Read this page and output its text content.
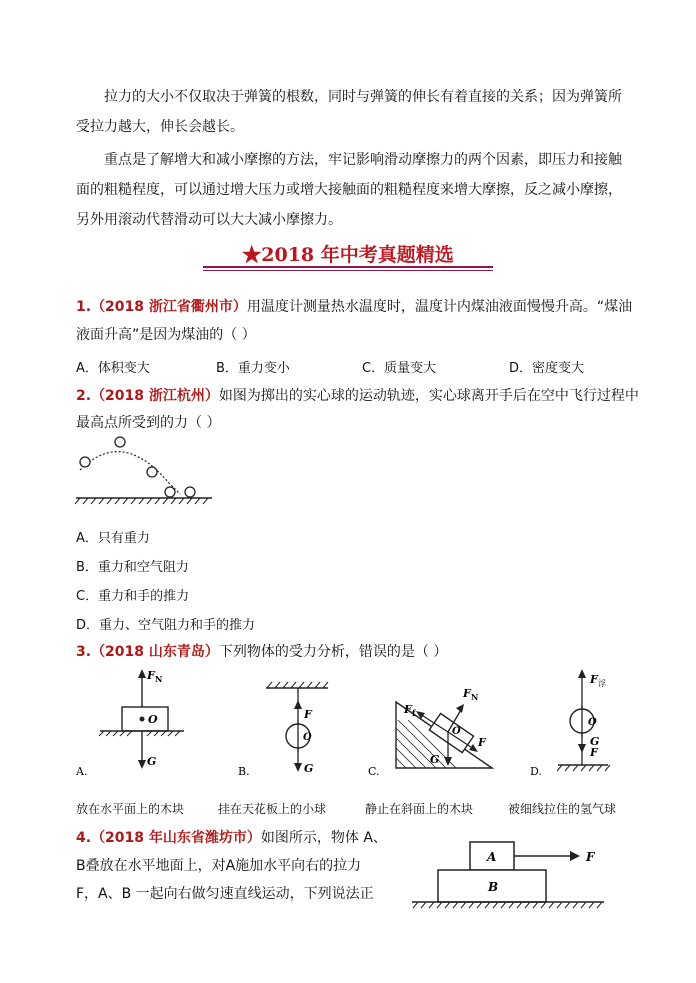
拉力的大小不仅取决于弹簧的根数，同时与弹簧的伸长有着直接的关系；因为弹簧所
受拉力越大，伸长会越长。
重点是了解增大和减小摩擦的方法，牢记影响滑动摩擦力的两个因素，即压力和接触
面的粗糙程度，可以通过增大压力或增大接触面的粗糙程度来增大摩擦，反之减小摩擦，
另外用滚动代替滑动可以大大减小摩擦力。
★2018 年中考真题精选
1.（2018 浙江省衢州市）用温度计测量热水温度时，温度计内煤油液面慢慢升高。“煤油
液面升高”是因为煤油的（ ）
A．体积变大	B．重力变小	C．质量变大	D．密度变大
2.（2018 浙江杭州）如图为掷出的实心球的运动轨迹，实心球离开手后在空中飞行过程中
最高点所受到的力（ ）
A．只有重力
B．重力和空气阻力
C．重力和手的推力
D．重力、空气阻力和手的推力
3.（2018 山东青岛）下列物体的受力分析，错误的是（ ）
F N
O
G
A.
F
O
G
B.
F N
F f
O
F
G
C.
F 浮
O
G
F
D.
放在水平面上的木块	挂在天花板上的小球	静止在斜面上的木块	被细线拉住的氢气球
4.（2018 年山东省潍坊市）如图所示，物体 A、
B叠放在水平地面上，对A施加水平向右的拉力
F，A、B 一起向右做匀速直线运动，下列说法正
A	F
B
